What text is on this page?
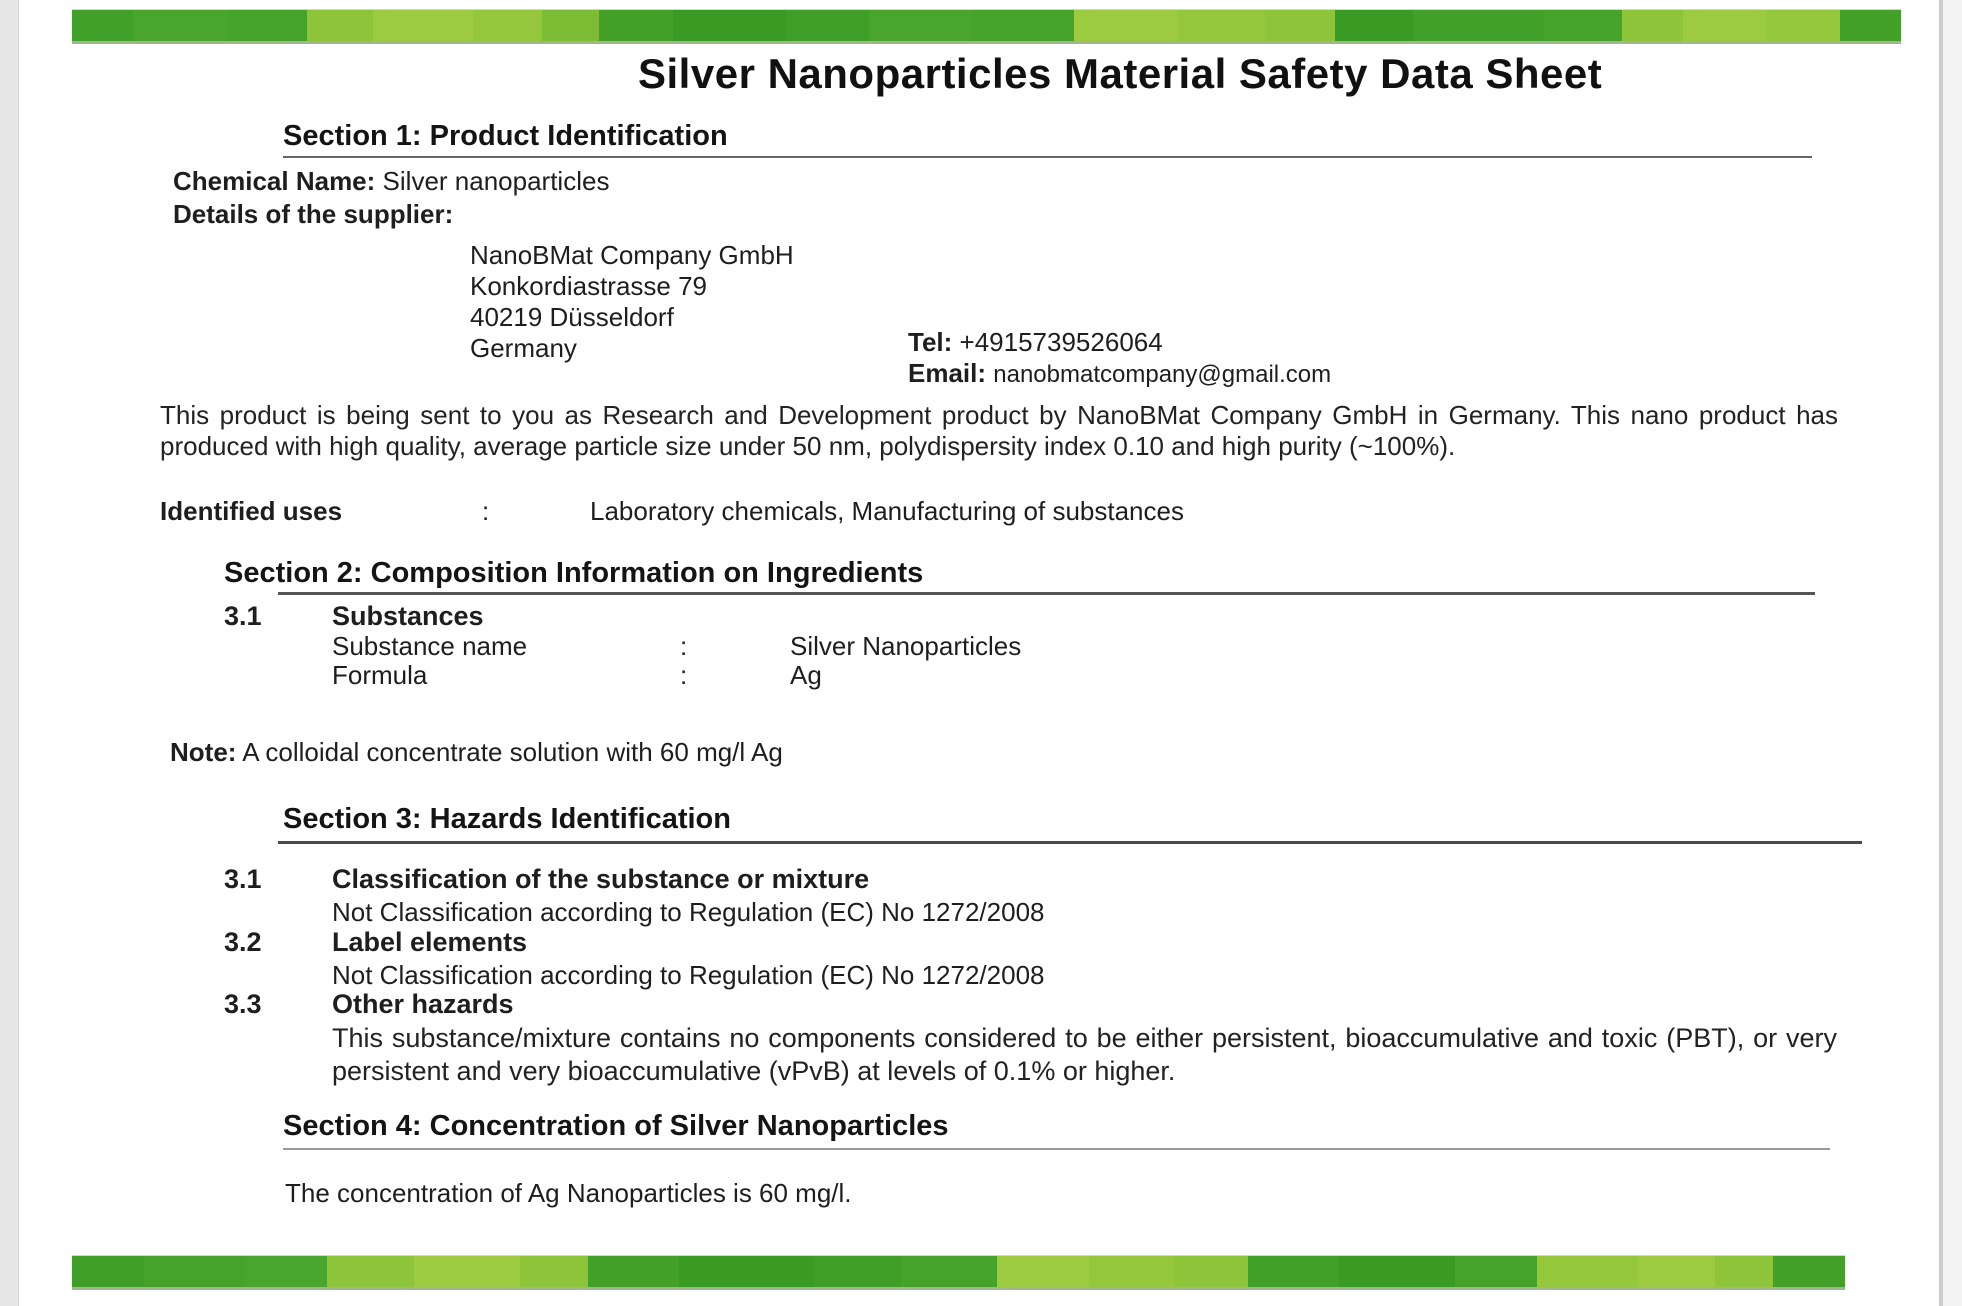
Silver Nanoparticles Material Safety Data Sheet
Section 1: Product Identification
Chemical Name: Silver nanoparticles
Details of the supplier:
NanoBMat Company GmbH
Konkordiastrasse 79
40219 Düsseldorf
Germany	Tel: +4915739526064
Email: nanobmatcompany@gmail.com
This product is being sent to you as Research and Development product by NanoBMat Company GmbH in Germany. This nano product has produced with high quality, average particle size under 50 nm, polydispersity index 0.10 and high purity (~100%).
Identified uses	:	Laboratory chemicals, Manufacturing of substances
Section 2: Composition Information on Ingredients
3.1	Substances
Substance name	:	Silver Nanoparticles
Formula	:	Ag
Note: A colloidal concentrate solution with 60 mg/l Ag
Section 3: Hazards Identification
3.1	Classification of the substance or mixture
Not Classification according to Regulation (EC) No 1272/2008
3.2	Label elements
Not Classification according to Regulation (EC) No 1272/2008
3.3	Other hazards
This substance/mixture contains no components considered to be either persistent, bioaccumulative and toxic (PBT), or very persistent and very bioaccumulative (vPvB) at levels of 0.1% or higher.
Section 4: Concentration of Silver Nanoparticles
The concentration of Ag Nanoparticles is 60 mg/l.
